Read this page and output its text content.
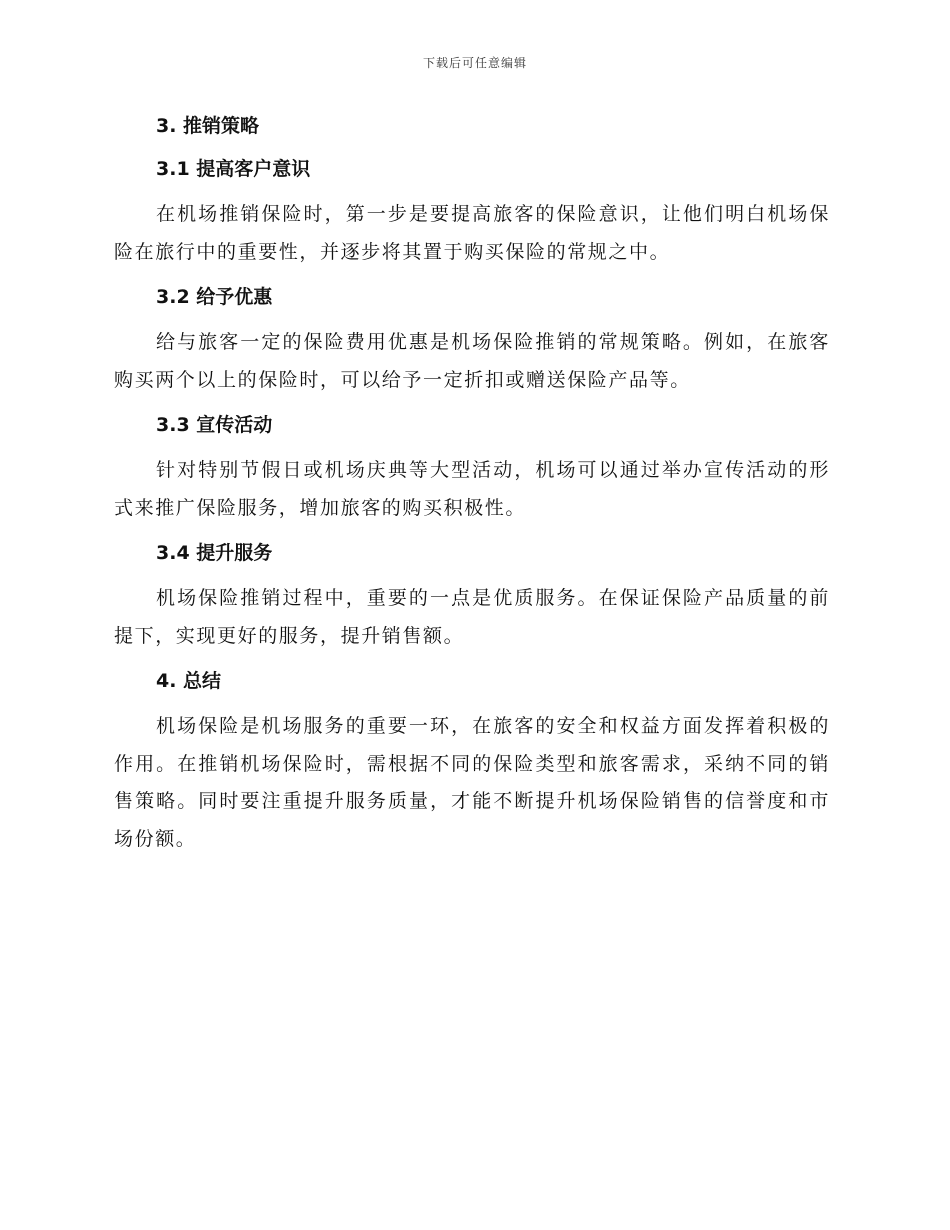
下载后可任意编辑
3. 推销策略
3.1 提高客户意识

在机场推销保险时，第一步是要提高旅客的保险意识，让他们明白机场保险在旅行中的重要性，并逐步将其置于购买保险的常规之中。

3.2 给予优惠

给与旅客一定的保险费用优惠是机场保险推销的常规策略。例如，在旅客购买两个以上的保险时，可以给予一定折扣或赠送保险产品等。

3.3 宣传活动

针对特别节假日或机场庆典等大型活动，机场可以通过举办宣传活动的形式来推广保险服务，增加旅客的购买积极性。

3.4 提升服务

机场保险推销过程中，重要的一点是优质服务。在保证保险产品质量的前提下，实现更好的服务，提升销售额。

4. 总结

机场保险是机场服务的重要一环，在旅客的安全和权益方面发挥着积极的作用。在推销机场保险时，需根据不同的保险类型和旅客需求，采纳不同的销售策略。同时要注重提升服务质量，才能不断提升机场保险销售的信誉度和市场份额。
